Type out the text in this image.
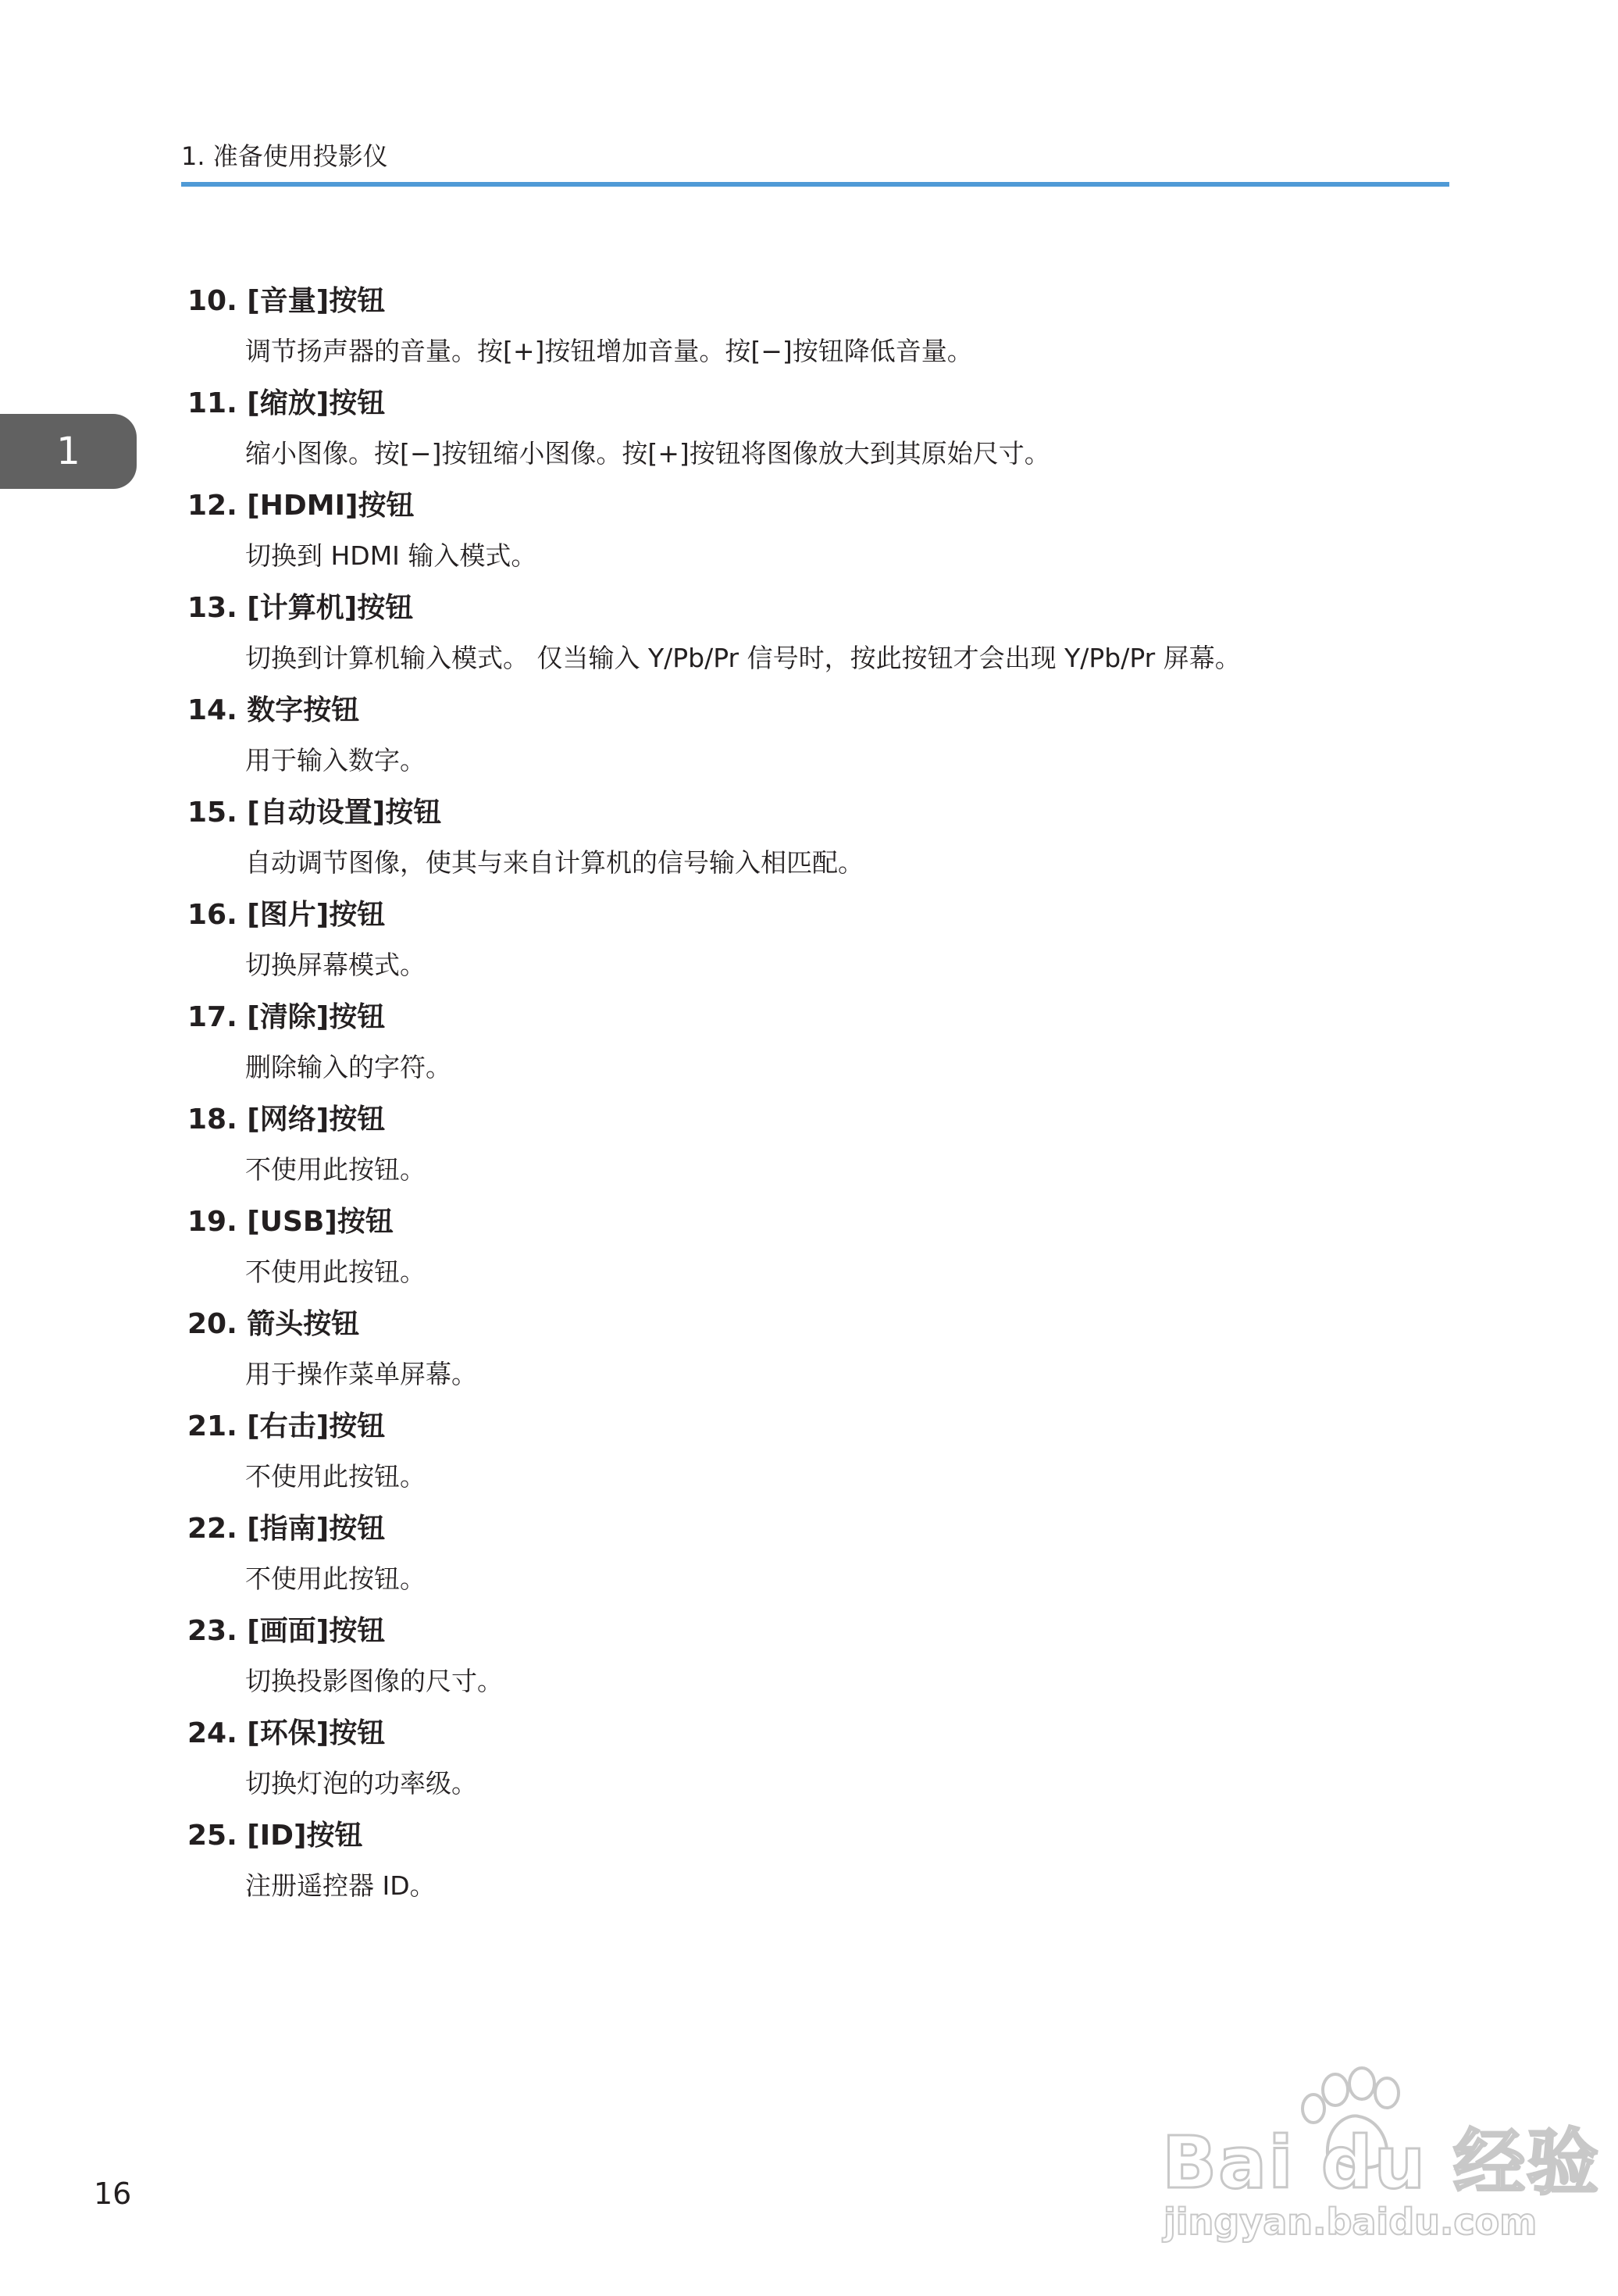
1. 准备使用投影仪
1
10. [音量]按钮
调节扬声器的音量。按[+]按钮增加音量。按[−]按钮降低音量。
11. [缩放]按钮
缩小图像。按[−]按钮缩小图像。按[+]按钮将图像放大到其原始尺寸。
12. [HDMI]按钮
切换到 HDMI 输入模式。
13. [计算机]按钮
切换到计算机输入模式。 仅当输入 Y/Pb/Pr 信号时，按此按钮才会出现 Y/Pb/Pr 屏幕。
14. 数字按钮
用于输入数字。
15. [自动设置]按钮
自动调节图像，使其与来自计算机的信号输入相匹配。
16. [图片]按钮
切换屏幕模式。
17. [清除]按钮
删除输入的字符。
18. [网络]按钮
不使用此按钮。
19. [USB]按钮
不使用此按钮。
20. 箭头按钮
用于操作菜单屏幕。
21. [右击]按钮
不使用此按钮。
22. [指南]按钮
不使用此按钮。
23. [画面]按钮
切换投影图像的尺寸。
24. [环保]按钮
切换灯泡的功率级。
25. [ID]按钮
注册遥控器 ID。
16	Bai du 经验
jingyan.baidu.com
